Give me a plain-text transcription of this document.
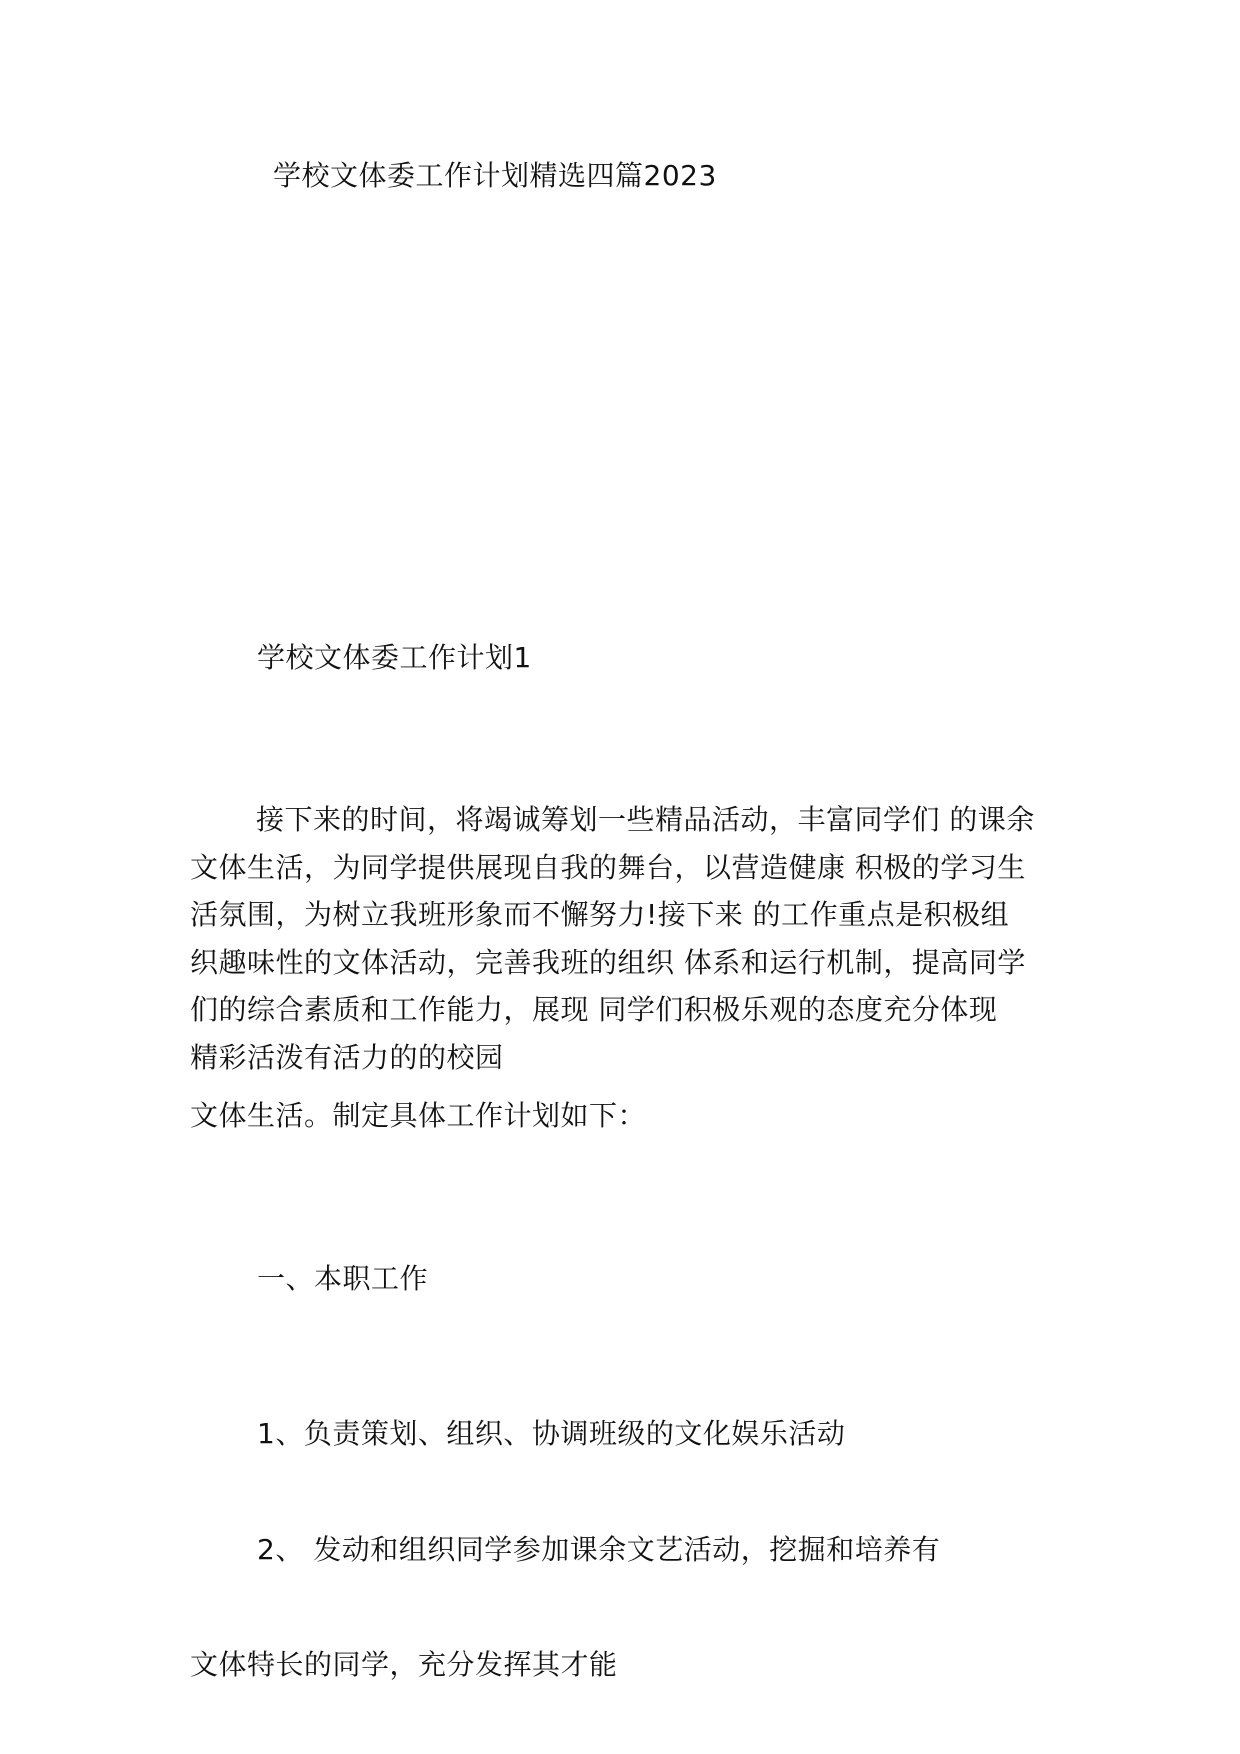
学校文体委工作计划精选四篇2023
学校文体委工作计划1
接下来的时间，将竭诚筹划一些精品活动，丰富同学们 的课余
文体生活，为同学提供展现自我的舞台，以营造健康 积极的学习生
活氛围，为树立我班形象而不懈努力!接下来 的工作重点是积极组
织趣味性的文体活动，完善我班的组织 体系和运行机制，提高同学
们的综合素质和工作能力，展现 同学们积极乐观的态度充分体现
精彩活泼有活力的的校园
文体生活。制定具体工作计划如下：
一、本职工作
1、负责策划、组织、协调班级的文化娱乐活动
2、 发动和组织同学参加课余文艺活动，挖掘和培养有
文体特长的同学，充分发挥其才能
